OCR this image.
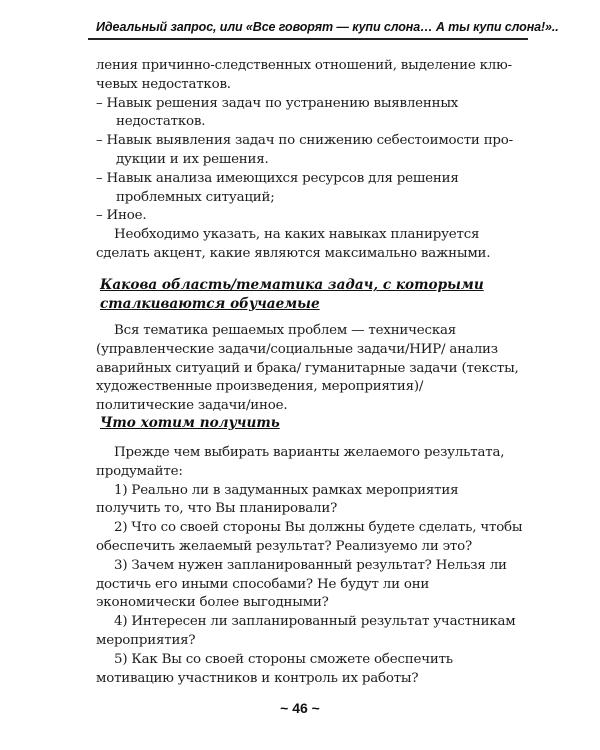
Идеальный запрос, или «Все говорят — купи слона… А ты купи слона!»..

ления причинно-следственных отношений, выделение ключевых недостатков.

– Навык решения задач по устранению выявленных недостатков.

– Навык выявления задач по снижению себестоимости продукции и их решения.

– Навык анализа имеющихся ресурсов для решения проблемных ситуаций;

– Иное.

Необходимо указать, на каких навыках планируется сделать акцент, какие являются максимально важными.

Какова область/тематика задач, с которыми сталкиваются обучаемые

Вся тематика решаемых проблем — техническая (управленческие задачи/социальные задачи/НИР/ анализ аварийных ситуаций и брака/ гуманитарные задачи (тексты, художественные произведения, мероприятия)/ политические задачи/иное.

Что хотим получить

Прежде чем выбирать варианты желаемого результата, продумайте:

1) Реально ли в задуманных рамках мероприятия получить то, что Вы планировали?

2) Что со своей стороны Вы должны будете сделать, чтобы обеспечить желаемый результат? Реализуемо ли это?

3) Зачем нужен запланированный результат? Нельзя ли достичь его иными способами? Не будут ли они экономически более выгодными?

4) Интересен ли запланированный результат участникам мероприятия?

5) Как Вы со своей стороны сможете обеспечить мотивацию участников и контроль их работы?

~ 46 ~
